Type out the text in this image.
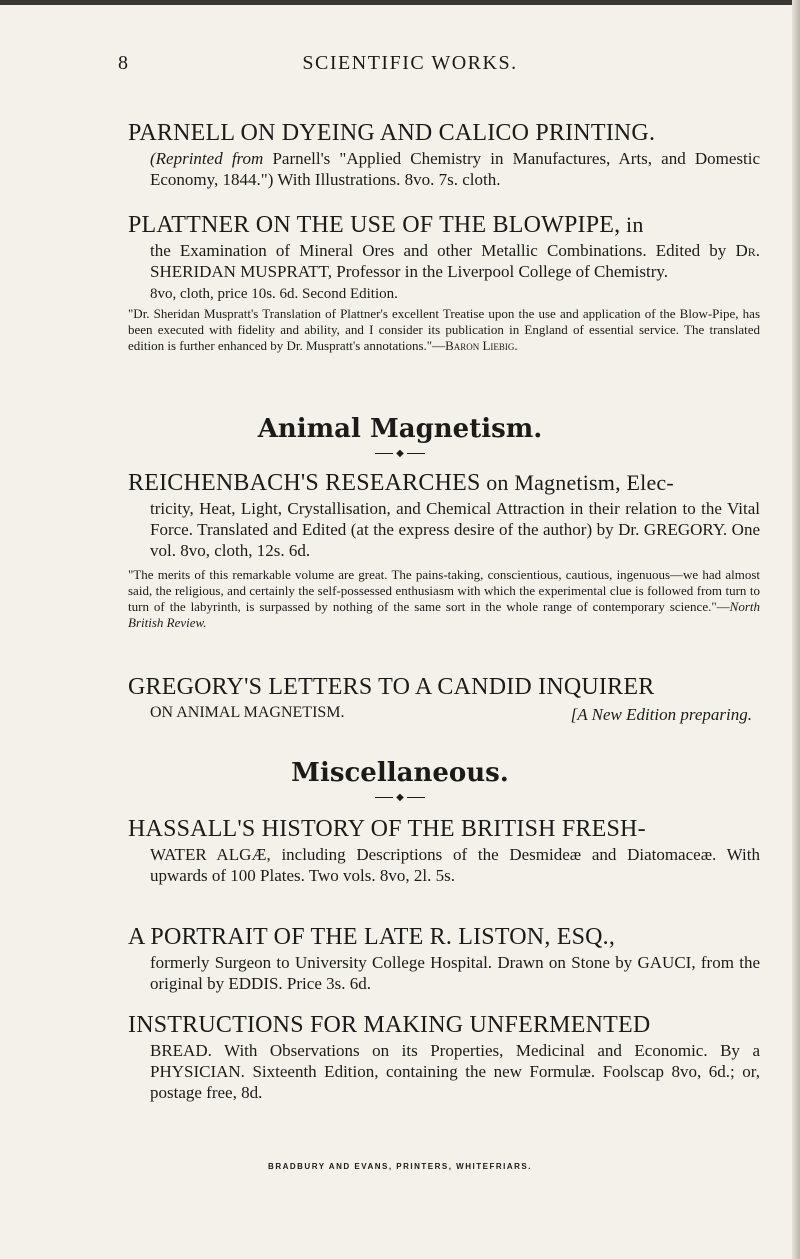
8	SCIENTIFIC WORKS.
PARNELL ON DYEING AND CALICO PRINTING.
(Reprinted from Parnell's "Applied Chemistry in Manufactures, Arts, and Domestic Economy, 1844.") With Illustrations. 8vo. 7s. cloth.
PLATTNER ON THE USE OF THE BLOWPIPE, in
the Examination of Mineral Ores and other Metallic Combinations. Edited by Dr. SHERIDAN MUSPRATT, Professor in the Liverpool College of Chemistry.
8vo, cloth, price 10s. 6d. Second Edition.
"Dr. Sheridan Muspratt's Translation of Plattner's excellent Treatise upon the use and application of the Blow-Pipe, has been executed with fidelity and ability, and I consider its publication in England of essential service. The translated edition is further enhanced by Dr. Muspratt's annotations."—Baron Liebig.
Animal Magnetism.
◆
REICHENBACH'S RESEARCHES on Magnetism, Elec-
tricity, Heat, Light, Crystallisation, and Chemical Attraction in their relation to the Vital Force. Translated and Edited (at the express desire of the author) by Dr. GREGORY. One vol. 8vo, cloth, 12s. 6d.
"The merits of this remarkable volume are great. The pains-taking, conscientious, cautious, ingenuous—we had almost said, the religious, and certainly the self-possessed enthusiasm with which the experimental clue is followed from turn to turn of the labyrinth, is surpassed by nothing of the same sort in the whole range of contemporary science."—North British Review.
GREGORY'S LETTERS TO A CANDID INQUIRER
ON ANIMAL MAGNETISM.	[A New Edition preparing.
Miscellaneous.
◆
HASSALL'S HISTORY OF THE BRITISH FRESH-
WATER ALGÆ, including Descriptions of the Desmideæ and Diatomaceæ. With upwards of 100 Plates. Two vols. 8vo, 2l. 5s.
A PORTRAIT OF THE LATE R. LISTON, ESQ.,
formerly Surgeon to University College Hospital. Drawn on Stone by GAUCI, from the original by EDDIS. Price 3s. 6d.
INSTRUCTIONS FOR MAKING UNFERMENTED
BREAD. With Observations on its Properties, Medicinal and Economic. By a PHYSICIAN. Sixteenth Edition, containing the new Formulæ. Foolscap 8vo, 6d.; or, postage free, 8d.
BRADBURY AND EVANS, PRINTERS, WHITEFRIARS.
